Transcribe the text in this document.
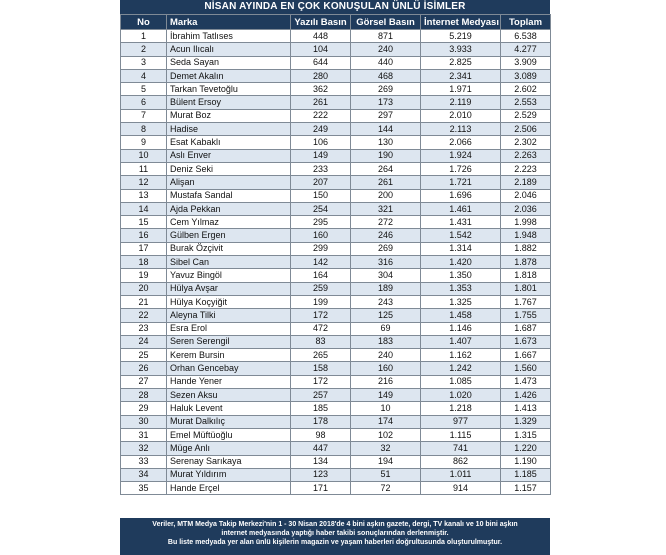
NİSAN AYINDA EN ÇOK KONUŞULAN ÜNLÜ İSİMLER
No	Marka	Yazılı Basın	Görsel Basın	İnternet Medyası	Toplam
1	İbrahim Tatlıses	448	871	5.219	6.538
2	Acun Ilıcalı	104	240	3.933	4.277
3	Seda Sayan	644	440	2.825	3.909
4	Demet Akalın	280	468	2.341	3.089
5	Tarkan Tevetoğlu	362	269	1.971	2.602
6	Bülent Ersoy	261	173	2.119	2.553
7	Murat Boz	222	297	2.010	2.529
8	Hadise	249	144	2.113	2.506
9	Esat Kabaklı	106	130	2.066	2.302
10	Aslı Enver	149	190	1.924	2.263
11	Deniz Seki	233	264	1.726	2.223
12	Alişan	207	261	1.721	2.189
13	Mustafa Sandal	150	200	1.696	2.046
14	Ajda Pekkan	254	321	1.461	2.036
15	Cem Yılmaz	295	272	1.431	1.998
16	Gülben Ergen	160	246	1.542	1.948
17	Burak Özçivit	299	269	1.314	1.882
18	Sibel Can	142	316	1.420	1.878
19	Yavuz Bingöl	164	304	1.350	1.818
20	Hülya Avşar	259	189	1.353	1.801
21	Hülya Koçyiğit	199	243	1.325	1.767
22	Aleyna Tilki	172	125	1.458	1.755
23	Esra Erol	472	69	1.146	1.687
24	Seren Serengil	83	183	1.407	1.673
25	Kerem Bursin	265	240	1.162	1.667
26	Orhan Gencebay	158	160	1.242	1.560
27	Hande Yener	172	216	1.085	1.473
28	Sezen Aksu	257	149	1.020	1.426
29	Haluk Levent	185	10	1.218	1.413
30	Murat Dalkılıç	178	174	977	1.329
31	Emel Müftüoğlu	98	102	1.115	1.315
32	Müge Anlı	447	32	741	1.220
33	Serenay Sarıkaya	134	194	862	1.190
34	Murat Yıldırım	123	51	1.011	1.185
35	Hande Erçel	171	72	914	1.157
Veriler, MTM Medya Takip Merkezi'nin 1 - 30 Nisan 2018'de 4 bini aşkın gazete, dergi, TV kanalı ve 10 bini aşkın
internet medyasında yaptığı haber takibi sonuçlarından derlenmiştir.
Bu liste medyada yer alan ünlü kişilerin magazin ve yaşam haberleri doğrultusunda oluşturulmuştur.
